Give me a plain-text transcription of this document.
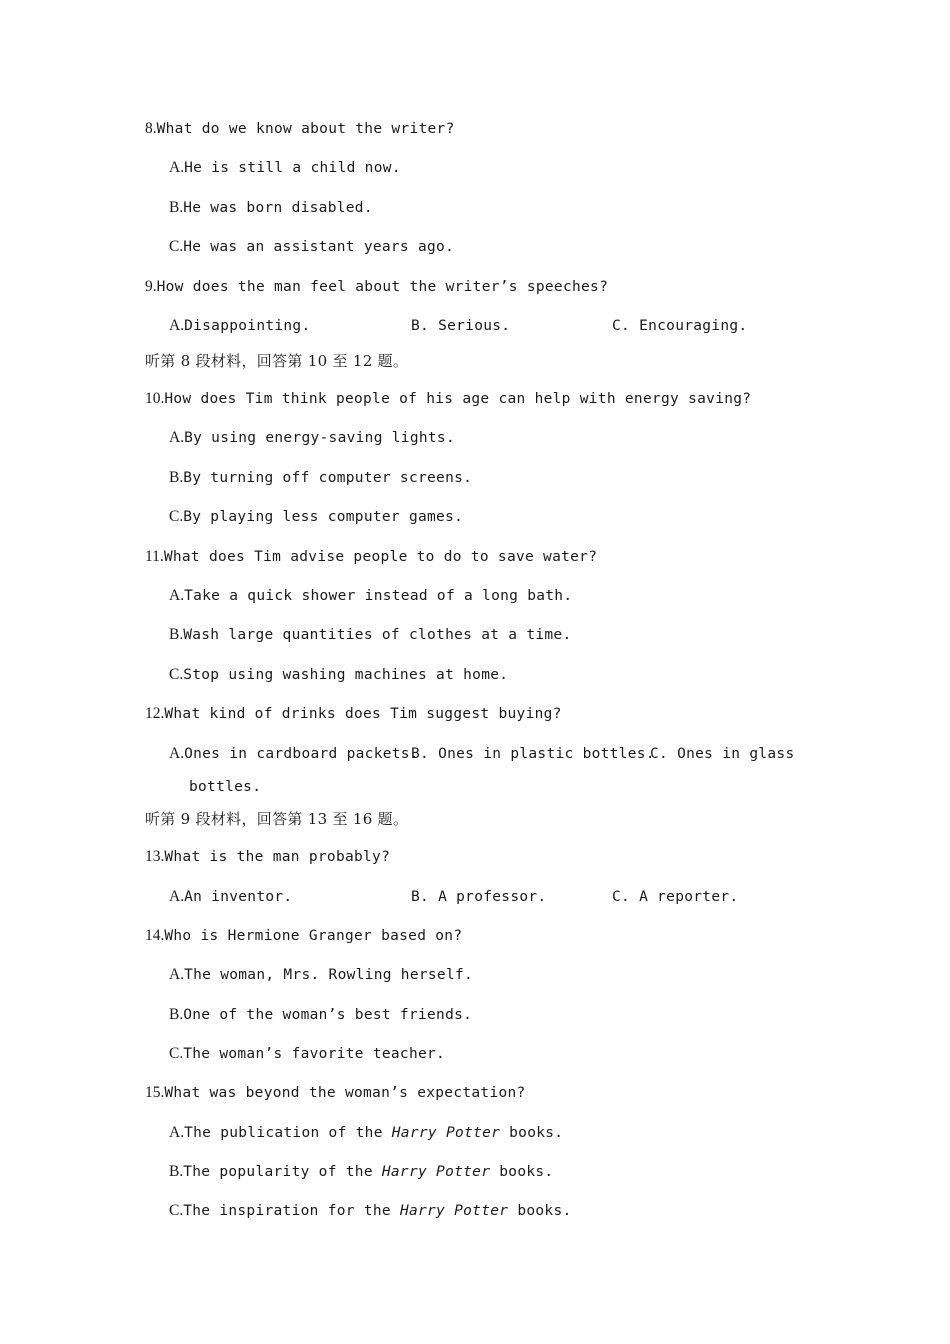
8.What do we know about the writer?
A.He is still a child now.
B.He was born disabled.
C.He was an assistant years ago.
9.How does the man feel about the writer’s speeches?
A.Disappointing.	B. Serious.	C. Encouraging.
听第 8 段材料，回答第 10 至 12 题。
10.How does Tim think people of his age can help with energy saving?
A.By using energy-saving lights.
B.By turning off computer screens.
C.By playing less computer games.
11.What does Tim advise people to do to save water?
A.Take a quick shower instead of a long bath.
B.Wash large quantities of clothes at a time.
C.Stop using washing machines at home.
12.What kind of drinks does Tim suggest buying?
A.Ones in cardboard packets.
B. Ones in plastic bottles.
C. Ones in glass
bottles.
听第 9 段材料，回答第 13 至 16 题。
13.What is the man probably?
A.An inventor.	B. A professor.	C. A reporter.
14.Who is Hermione Granger based on?
A.The woman, Mrs. Rowling herself.
B.One of the woman’s best friends.
C.The woman’s favorite teacher.
15.What was beyond the woman’s expectation?
A.The publication of the Harry Potter books.
B.The popularity of the Harry Potter books.
C.The inspiration for the Harry Potter books.
